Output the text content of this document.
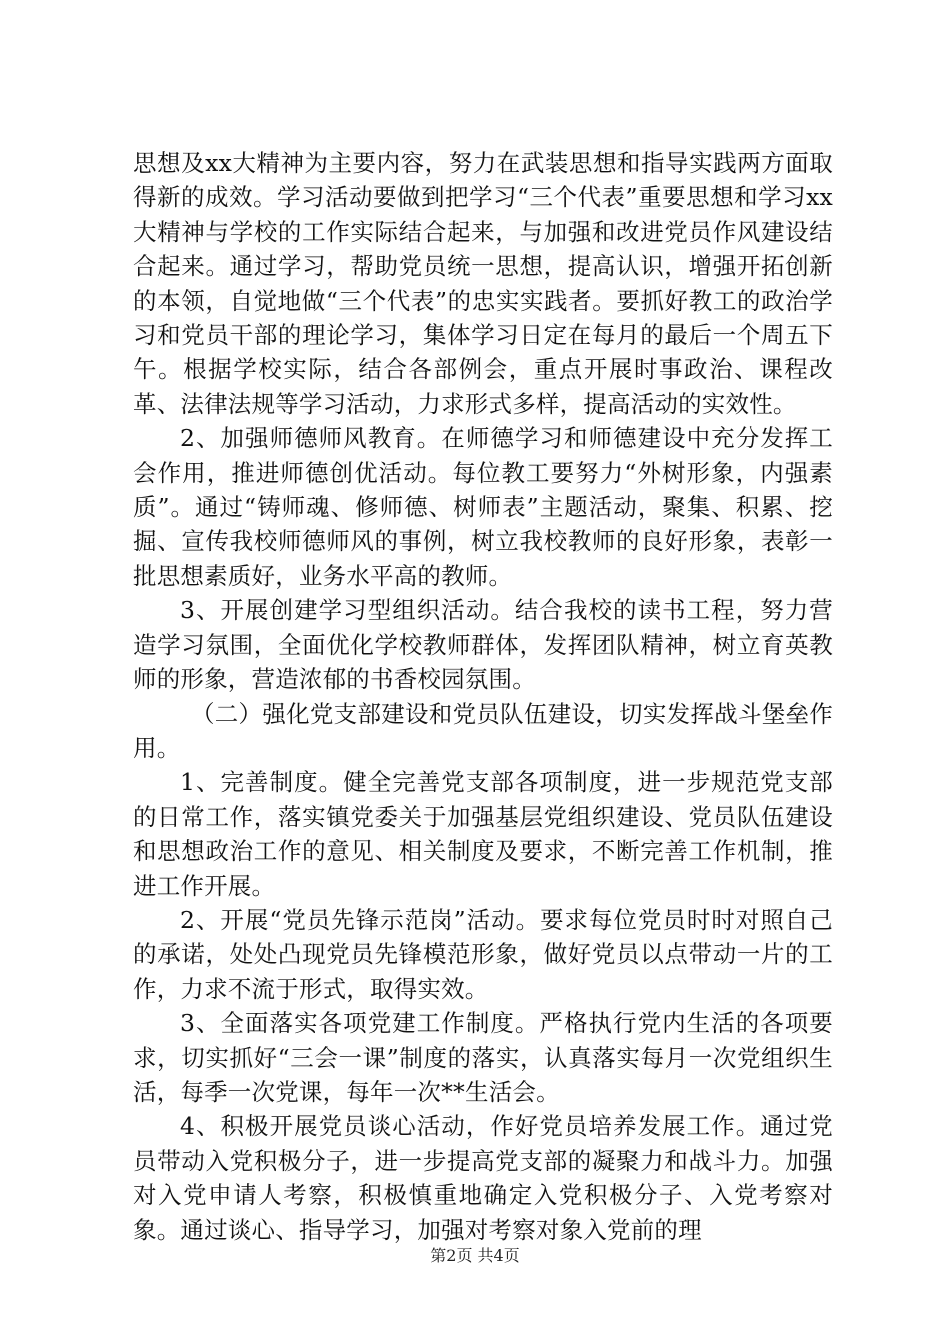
思想及xx大精神为主要内容，努力在武装思想和指导实践两方面取得新的成效。学习活动要做到把学习“三个代表”重要思想和学习xx大精神与学校的工作实际结合起来，与加强和改进党员作风建设结合起来。通过学习，帮助党员统一思想，提高认识，增强开拓创新的本领，自觉地做“三个代表”的忠实实践者。要抓好教工的政治学习和党员干部的理论学习，集体学习日定在每月的最后一个周五下午。根据学校实际，结合各部例会，重点开展时事政治、课程改革、法律法规等学习活动，力求形式多样，提高活动的实效性。

2、加强师德师风教育。在师德学习和师德建设中充分发挥工会作用，推进师德创优活动。每位教工要努力“外树形象，内强素质”。通过“铸师魂、修师德、树师表”主题活动，聚集、积累、挖掘、宣传我校师德师风的事例，树立我校教师的良好形象，表彰一批思想素质好，业务水平高的教师。

3、开展创建学习型组织活动。结合我校的读书工程，努力营造学习氛围，全面优化学校教师群体，发挥团队精神，树立育英教师的形象，营造浓郁的书香校园氛围。

（二）强化党支部建设和党员队伍建设，切实发挥战斗堡垒作用。

1、完善制度。健全完善党支部各项制度，进一步规范党支部的日常工作，落实镇党委关于加强基层党组织建设、党员队伍建设和思想政治工作的意见、相关制度及要求，不断完善工作机制，推进工作开展。

2、开展“党员先锋示范岗”活动。要求每位党员时时对照自己的承诺，处处凸现党员先锋模范形象，做好党员以点带动一片的工作，力求不流于形式，取得实效。

3、全面落实各项党建工作制度。严格执行党内生活的各项要求，切实抓好“三会一课”制度的落实，认真落实每月一次党组织生活，每季一次党课，每年一次**生活会。

4、积极开展党员谈心活动，作好党员培养发展工作。通过党员带动入党积极分子，进一步提高党支部的凝聚力和战斗力。加强对入党申请人考察，积极慎重地确定入党积极分子、入党考察对象。通过谈心、指导学习，加强对考察对象入党前的理

第2页 共4页
